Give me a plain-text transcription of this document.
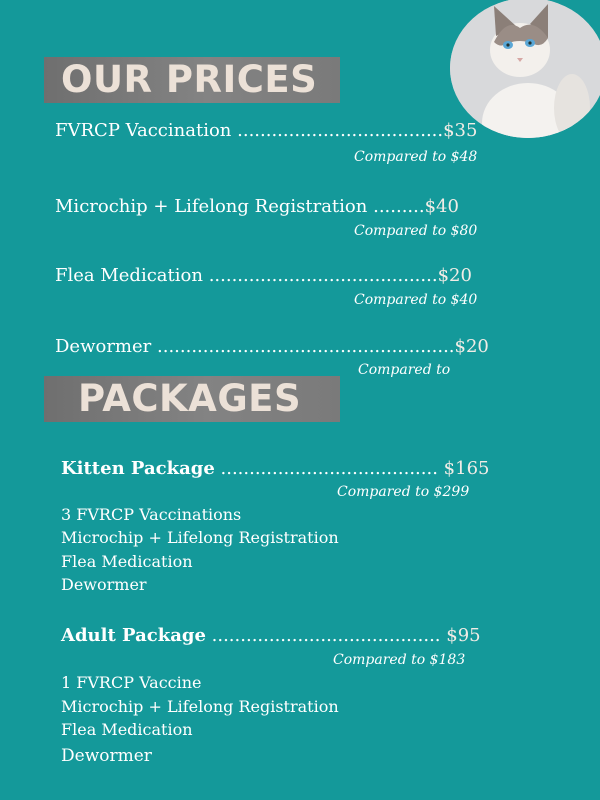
OUR PRICES
FVRCP Vaccination ....................................$35
Compared to $48
Microchip + Lifelong Registration .........$40
Compared to $80
Flea Medication ........................................$20
Compared to $40
Dewormer ....................................................$20
Compared to
PACKAGES
Kitten Package ...................................... $165
Compared to $299
3 FVRCP Vaccinations
Microchip + Lifelong Registration
Flea Medication
Dewormer
Adult Package ........................................ $95
Compared to $183
1 FVRCP Vaccine
Microchip + Lifelong Registration
Flea Medication
Dewormer
